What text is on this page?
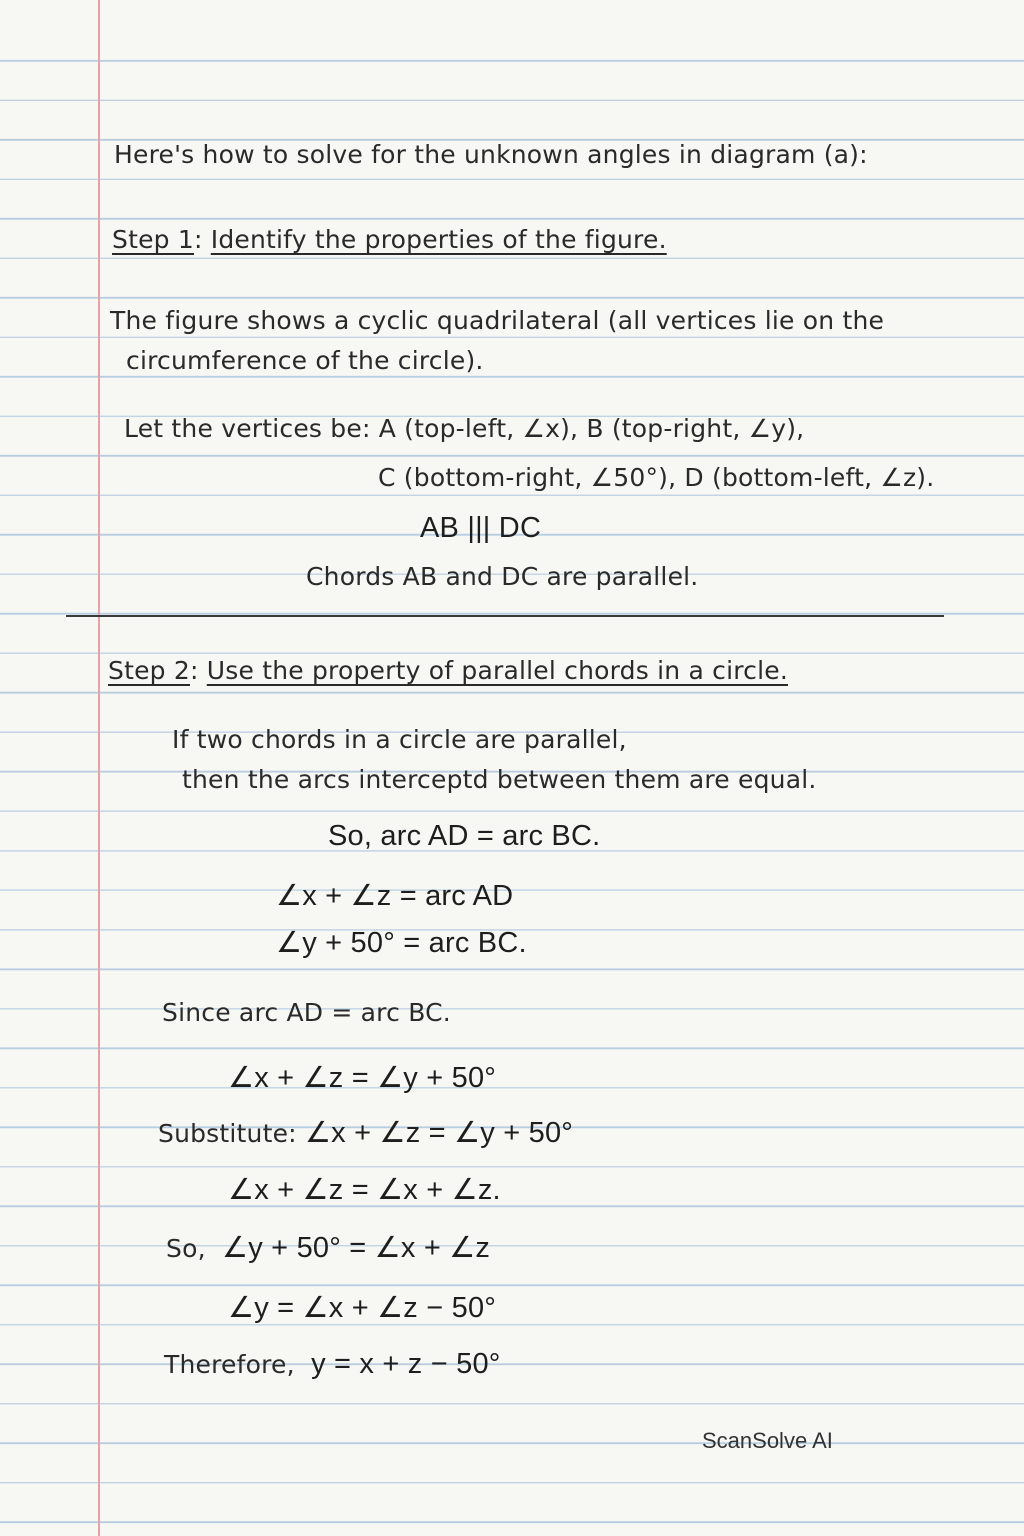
Here's how to solve for the unknown angles in diagram (a):
Step 1: Identify the properties of the figure.
The figure shows a cyclic quadrilateral (all vertices lie on the
circumference of the circle).
Let the vertices be: A (top-left, ∠x), B (top-right, ∠y),
C (bottom-right, ∠50°), D (bottom-left, ∠z).
AB ||| DC
Chords AB and DC are parallel.
Step 2: Use the property of parallel chords in a circle.
If two chords in a circle are parallel,
then the arcs interceptd between them are equal.
So, arc AD = arc BC.
∠x + ∠z = arc AD
∠y + 50° = arc BC.
Since arc AD = arc BC.
∠x + ∠z = ∠y + 50°
Substitute: ∠x + ∠z = ∠y + 50°
∠x + ∠z = ∠x + ∠z.
So, ∠y + 50° = ∠x + ∠z
∠y = ∠x + ∠z − 50°
Therefore, y = x + z − 50°
ScanSolve AI
